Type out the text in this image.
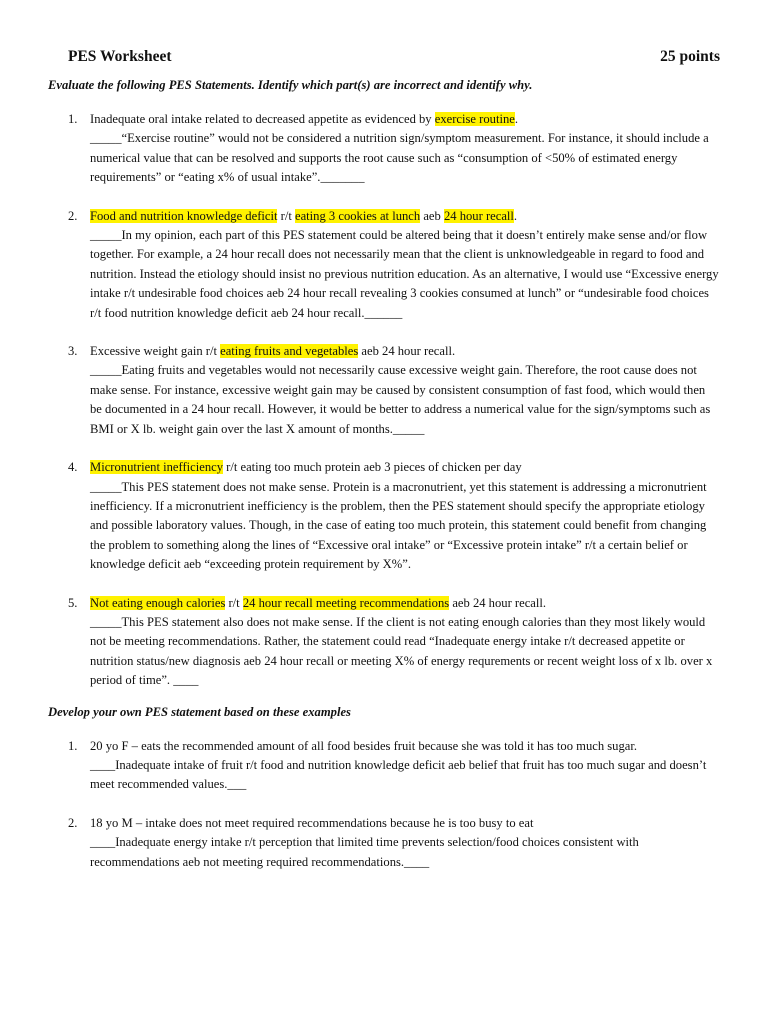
PES Worksheet	25 points
Evaluate the following PES Statements. Identify which part(s) are incorrect and identify why.
1. Inadequate oral intake related to decreased appetite as evidenced by exercise routine.
_____“Exercise routine” would not be considered a nutrition sign/symptom measurement. For instance, it should include a numerical value that can be resolved and supports the root cause such as “consumption of <50% of estimated energy requirements” or “eating x% of usual intake”._______
2. Food and nutrition knowledge deficit r/t eating 3 cookies at lunch aeb 24 hour recall.
_____In my opinion, each part of this PES statement could be altered being that it doesn’t entirely make sense and/or flow together. For example, a 24 hour recall does not necessarily mean that the client is unknowledgeable in regard to food and nutrition. Instead the etiology should insist no previous nutrition education. As an alternative, I would use “Excessive energy intake r/t undesirable food choices aeb 24 hour recall revealing 3 cookies consumed at lunch” or “undesirable food choices r/t food nutrition knowledge deficit aeb 24 hour recall.______
3. Excessive weight gain r/t eating fruits and vegetables aeb 24 hour recall.
_____Eating fruits and vegetables would not necessarily cause excessive weight gain. Therefore, the root cause does not make sense. For instance, excessive weight gain may be caused by consistent consumption of fast food, which would then be documented in a 24 hour recall. However, it would be better to address a numerical value for the sign/symptoms such as BMI or X lb. weight gain over the last X amount of months._____
4. Micronutrient inefficiency r/t eating too much protein aeb 3 pieces of chicken per day
_____This PES statement does not make sense. Protein is a macronutrient, yet this statement is addressing a micronutrient inefficiency. If a micronutrient inefficiency is the problem, then the PES statement should specify the appropriate etiology and possible laboratory values. Though, in the case of eating too much protein, this statement could benefit from changing the problem to something along the lines of “Excessive oral intake” or “Excessive protein intake” r/t a certain belief or knowledge deficit aeb “exceeding protein requirement by X%”.
5. Not eating enough calories r/t 24 hour recall meeting recommendations aeb 24 hour recall.
_____This PES statement also does not make sense. If the client is not eating enough calories than they most likely would not be meeting recommendations. Rather, the statement could read “Inadequate energy intake r/t decreased appetite or nutrition status/new diagnosis aeb 24 hour recall or meeting X% of energy requrements or recent weight loss of x lb. over x period of time”. ____
Develop your own PES statement based on these examples
1. 20 yo F – eats the recommended amount of all food besides fruit because she was told it has too much sugar.
____Inadequate intake of fruit r/t food and nutrition knowledge deficit aeb belief that fruit has too much sugar and doesn’t meet recommended values.___
2. 18 yo M – intake does not meet required recommendations because he is too busy to eat
____Inadequate energy intake r/t perception that limited time prevents selection/food choices consistent with recommendations aeb not meeting required recommendations.____
